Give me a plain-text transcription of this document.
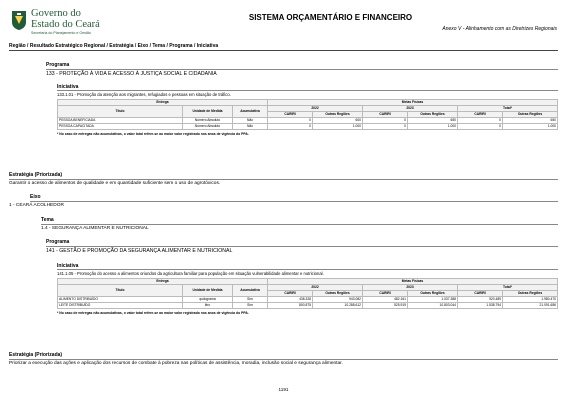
Governo do
Estado do Ceará
Secretaria do Planejamento e Gestão
SISTEMA ORÇAMENTÁRIO E FINANCEIRO
Anexo V - Alinhamento com as Diretrizes Regionais
Região / Resultado Estratégico Regional / Estratégia / Eixo / Tema / Programa / Iniciativa
Programa
133 - PROTEÇÃO À VIDA E ACESSO À JUSTIÇA SOCIAL E CIDADANIA
Iniciativa
133.1.01 - Promoção da atenção aos migrantes, refugiados e pessoas em situação de tráfico.
Entrega			Metas Físicas					
Título	Unidade de Medida	Acumulativa	2022		2023		Total*	
			CARIRI	Outras Regiões	CARIRI	Outras Regiões	CARIRI	Outras Regiões
PESSOA BENEFICIADA	Número Absoluto	Não	0	600	0	650	0	650
PESSOA CAPACITADA	Número Absoluto	Não	0	1.000	0	1.000	0	1.000
* No caso de entregas não acumulativas, o valor total refere-se ao maior valor registrado nos anos de vigência do PPA.
Estratégia (Priorizada)
Garantir o acesso de alimentos de qualidade e em quantidade suficiente sem o uso de agrotóxicos.
Eixo
1 - CEARÁ ACOLHEDOR
Tema
1.4 - SEGURANÇA ALIMENTAR E NUTRICIONAL
Programa
141 - GESTÃO E PROMOÇÃO DA SEGURANÇA ALIMENTAR E NUTRICIONAL
Iniciativa
141.1.05 - Promoção do acesso a alimentos oriundos da agricultura familiar para população em situação vulnerabilidade alimentar e nutricional.
Entrega			Metas Físicas					
Título	Unidade de Medida	Acumulativa	2022		2023		Total*	
			CARIRI	Outras Regiões	CARIRI	Outras Regiões	CARIRI	Outras Regiões
ALIMENTO DISTRIBUÍDO	quilograma	Sim	438.328	943.082	482.161	1.037.388	920.489	1.980.470
LEITE DISTRIBUÍDO	litro	Sim	800.875	10.288.612	525.919	10.803.044	1.538.794	21.091.656
* No caso de entregas não acumulativas, o valor total refere-se ao maior valor registrado nos anos de vigência do PPA.
Estratégia (Priorizada)
Priorizar a execução das ações e aplicação dos recursos de combate à pobreza nas políticas de assistência, moradia, inclusão social e segurança alimentar.
1191
